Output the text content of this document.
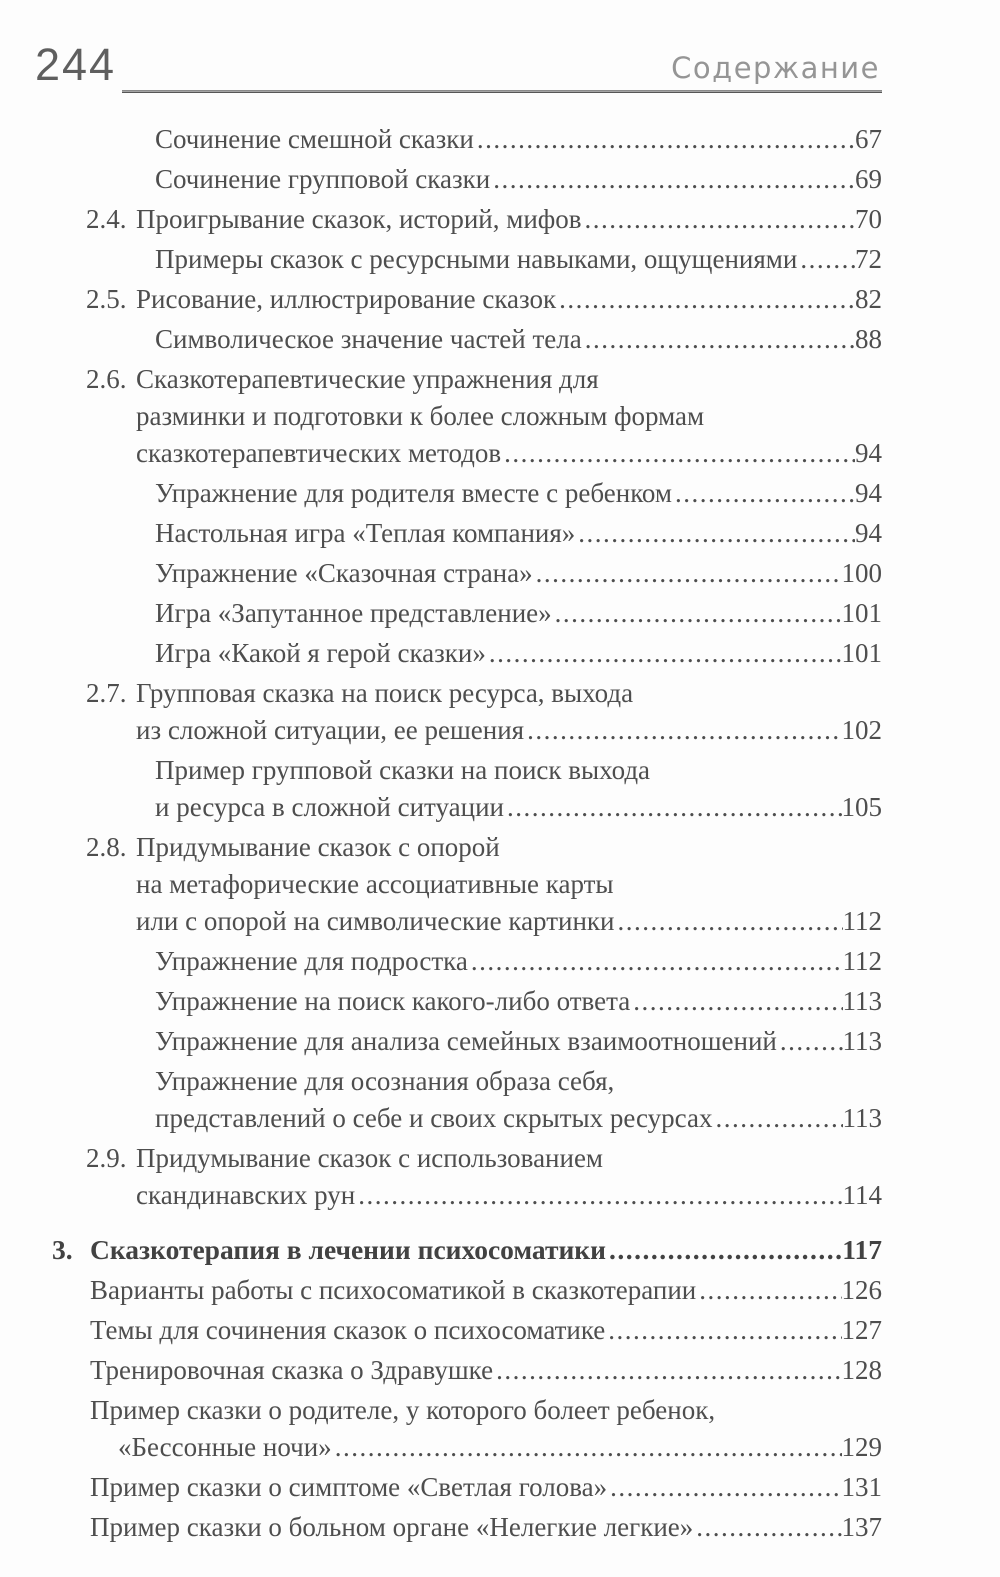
244	Содержание
Сочинение смешной сказки .....	67
Сочинение групповой сказки .....	69
2.4. Проигрывание сказок, историй, мифов .....	70
Примеры сказок с ресурсными навыками, ощущениями ..... 72
2.5. Рисование, иллюстрирование сказок .....	82
Символическое значение частей тела .....	88
2.6. Сказкотерапевтические упражнения для
разминки и подготовки к более сложным формам
сказкотерапевтических методов .....	94
Упражнение для родителя вместе с ребенком .....	94
Настольная игра «Теплая компания» .....	94
Упражнение «Сказочная страна» .....	100
Игра «Запутанное представление» .....	101
Игра «Какой я герой сказки» .....	101
2.7. Групповая сказка на поиск ресурса, выхода
из сложной ситуации, ее решения .....	102
Пример групповой сказки на поиск выхода
и ресурса в сложной ситуации .....	105
2.8. Придумывание сказок с опорой
на метафорические ассоциативные карты
или с опорой на символические картинки .....	112
Упражнение для подростка .....	112
Упражнение на поиск какого-либо ответа .....	113
Упражнение для анализа семейных взаимоотношений ..... 113
Упражнение для осознания образа себя,
представлений о себе и своих скрытых ресурсах .....	113
2.9. Придумывание сказок с использованием
скандинавских рун .....	114
3. Сказкотерапия в лечении психосоматики .....	117
Варианты работы с психосоматикой в сказкотерапии .....	126
Темы для сочинения сказок о психосоматике .....	127
Тренировочная сказка о Здравушке .....	128
Пример сказки о родителе, у которого болеет ребенок,
«Бессонные ночи» .....	129
Пример сказки о симптоме «Светлая голова» .....	131
Пример сказки о больном органе «Нелегкие легкие» .....	137
